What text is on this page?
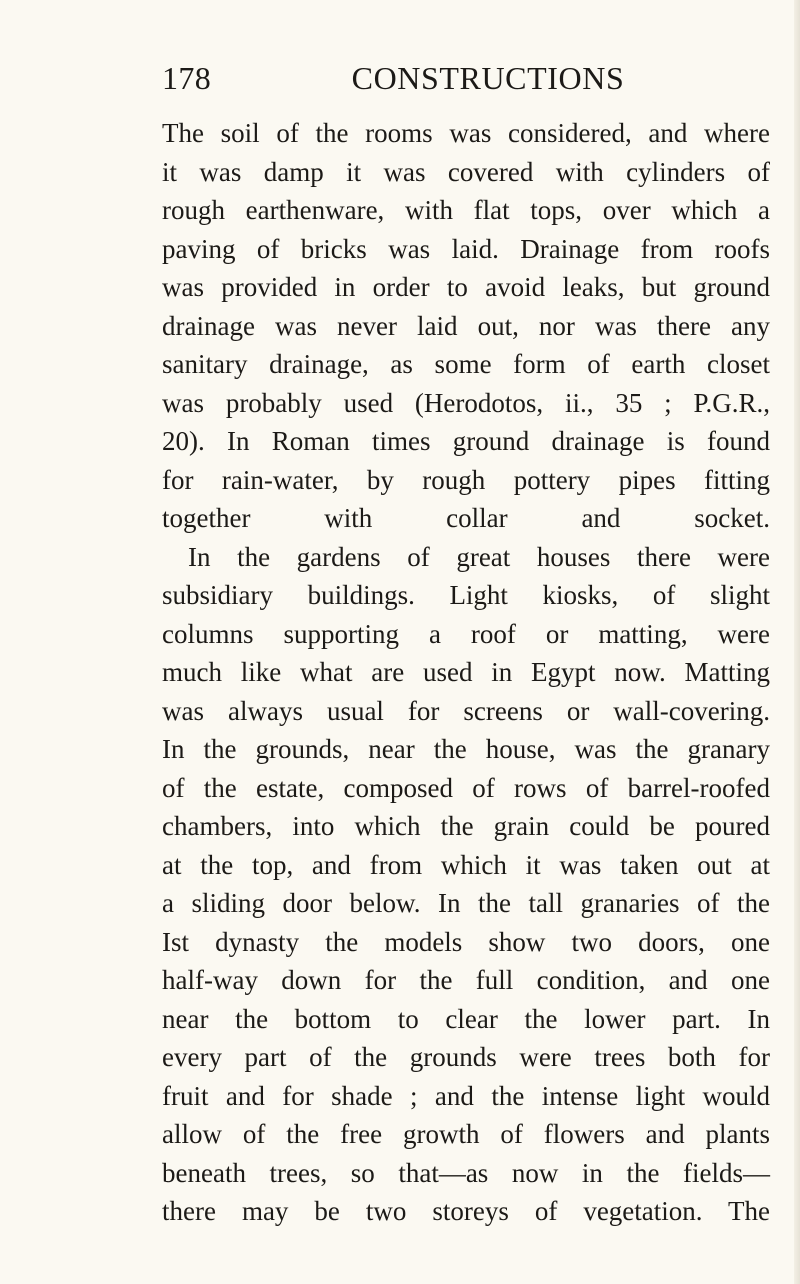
178	CONSTRUCTIONS
The soil of the rooms was considered, and where
it was damp it was covered with cylinders of
rough earthenware, with flat tops, over which a
paving of bricks was laid. Drainage from roofs
was provided in order to avoid leaks, but ground
drainage was never laid out, nor was there any
sanitary drainage, as some form of earth closet
was probably used (Herodotos, ii., 35 ; P.G.R.,
20). In Roman times ground drainage is found
for rain-water, by rough pottery pipes fitting
together with collar and socket.
In the gardens of great houses there were
subsidiary buildings. Light kiosks, of slight
columns supporting a roof or matting, were
much like what are used in Egypt now. Matting
was always usual for screens or wall-covering.
In the grounds, near the house, was the granary
of the estate, composed of rows of barrel-roofed
chambers, into which the grain could be poured
at the top, and from which it was taken out at
a sliding door below. In the tall granaries of the
Ist dynasty the models show two doors, one
half-way down for the full condition, and one
near the bottom to clear the lower part. In
every part of the grounds were trees both for
fruit and for shade ; and the intense light would
allow of the free growth of flowers and plants
beneath trees, so that—as now in the fields—
there may be two storeys of vegetation. The
